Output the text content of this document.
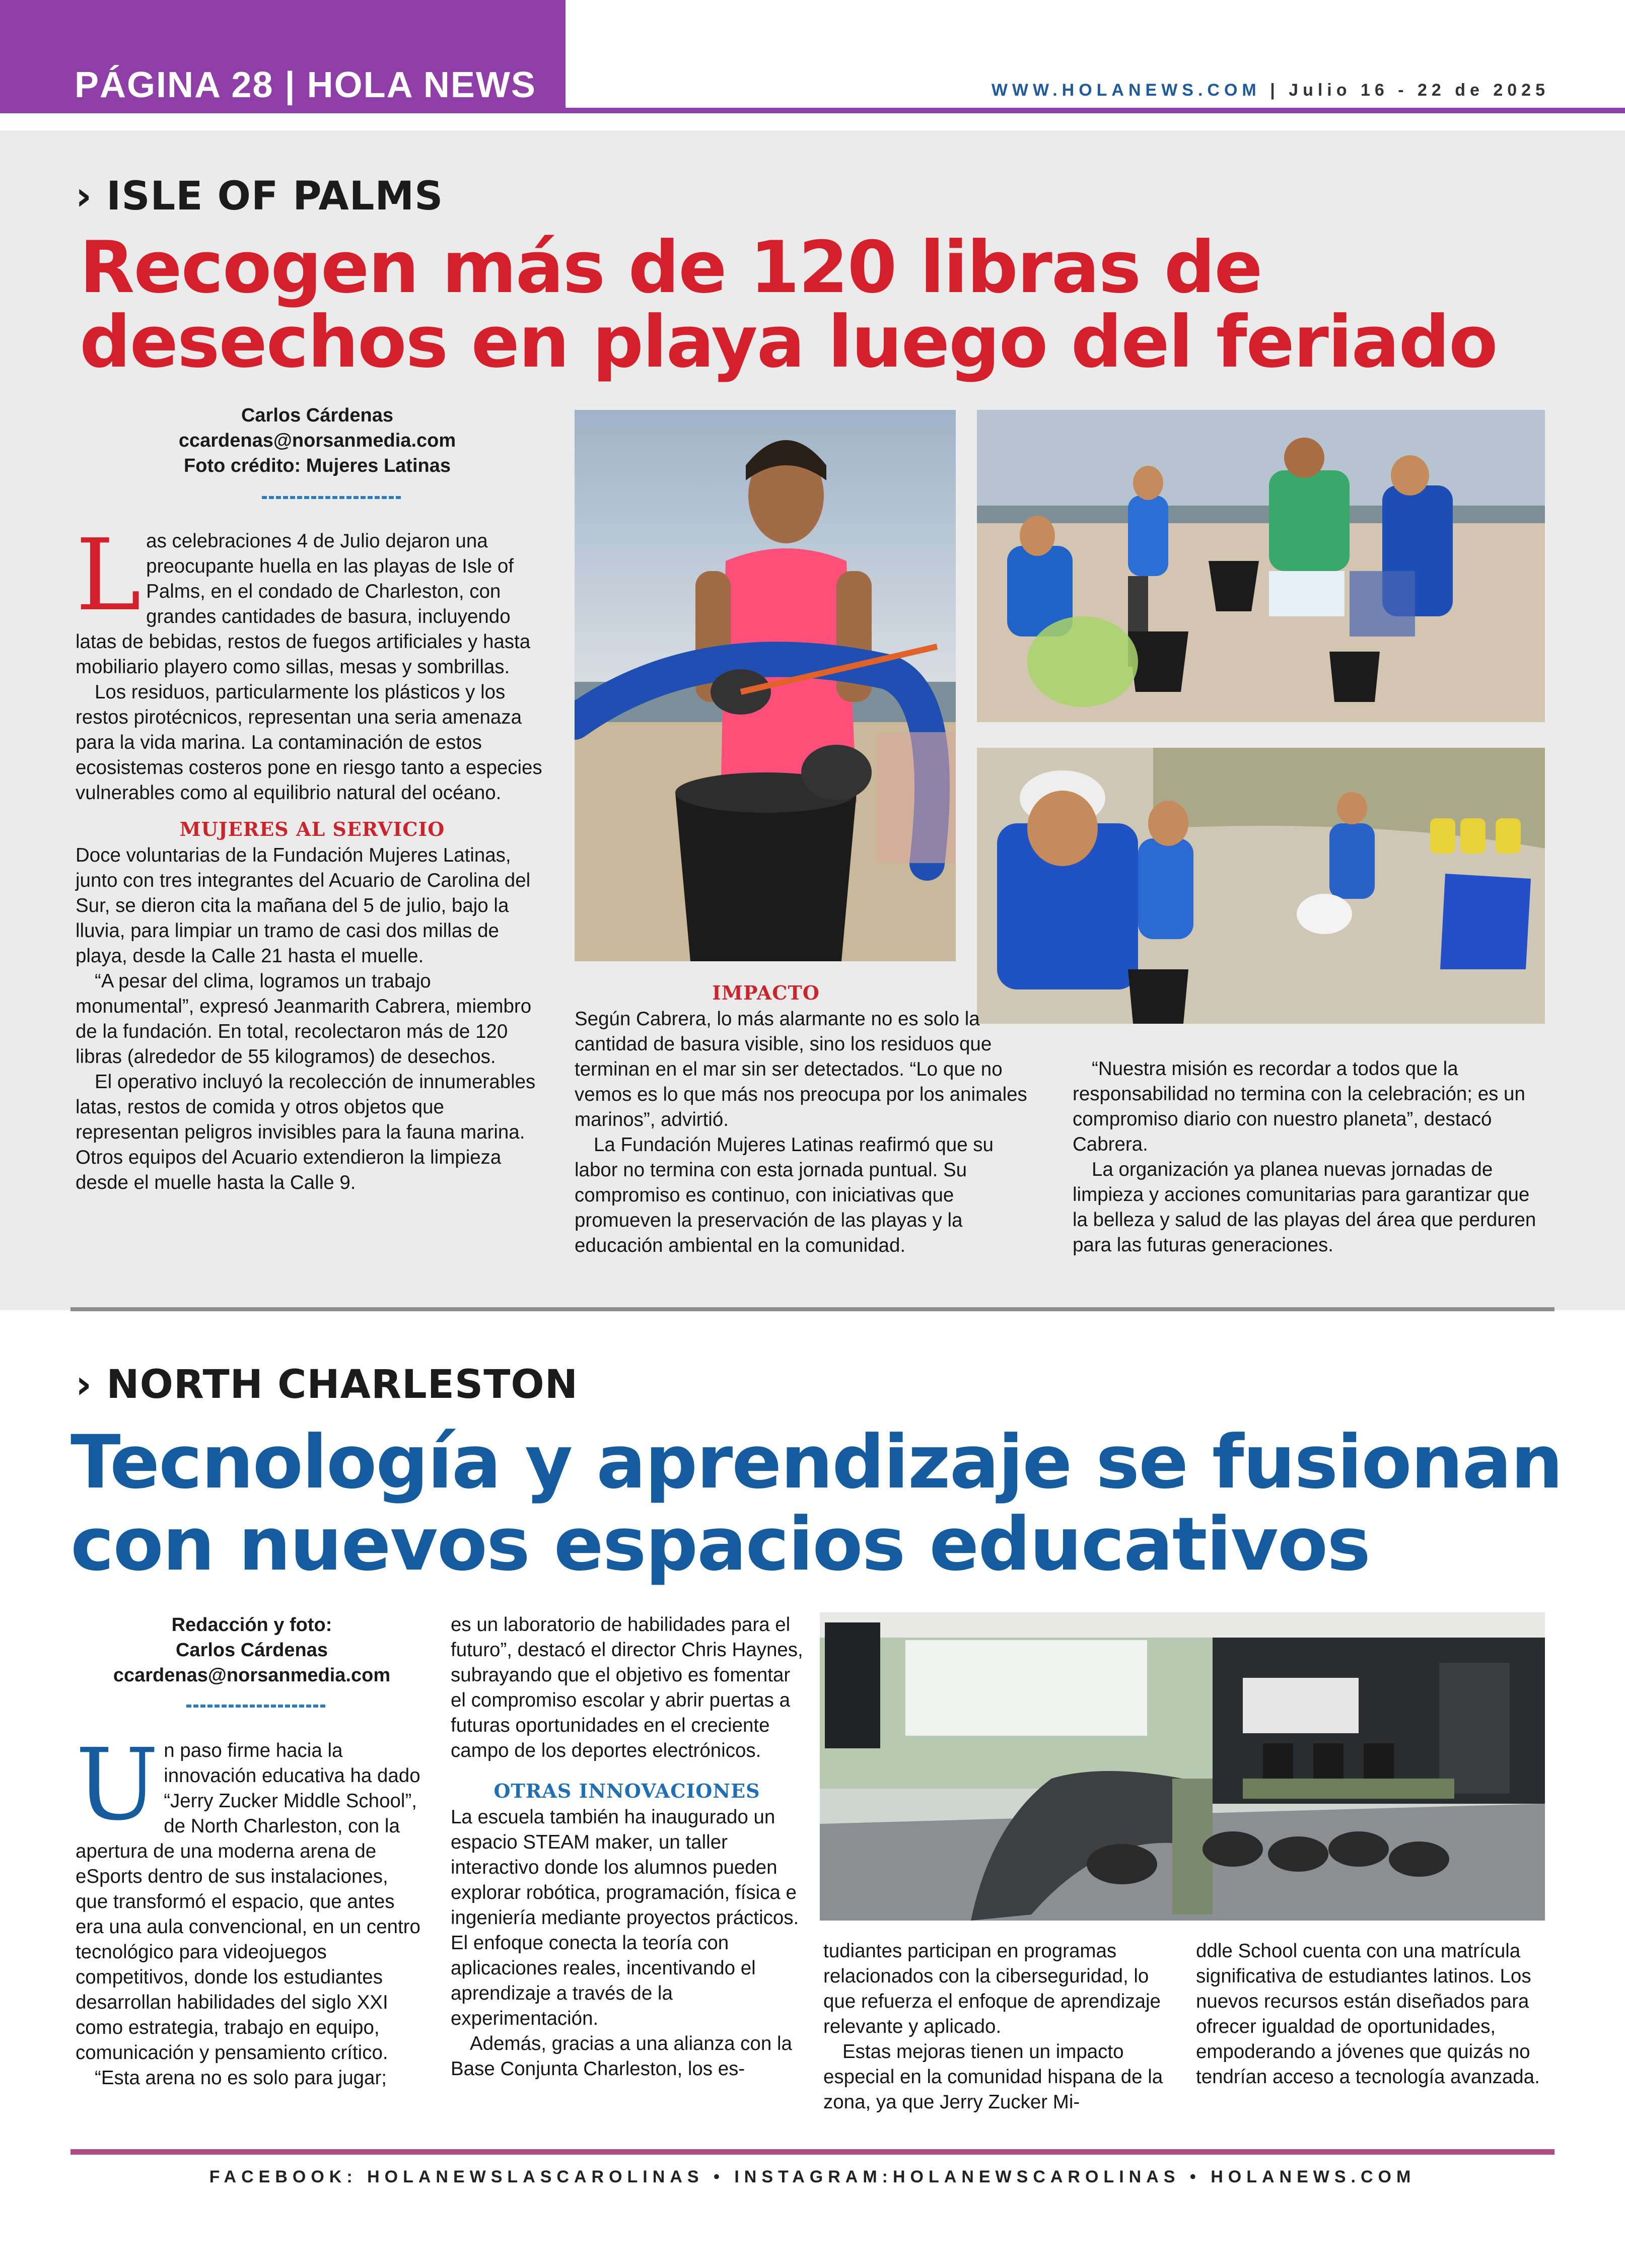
PÁGINA 28 | HOLA NEWS	WWW.HOLANEWS.COM | Julio 16 - 22 de 2025
› ISLE OF PALMS
Recogen más de 120 libras de
desechos en playa luego del feriado
Carlos Cárdenas
ccardenas@norsanmedia.com
Foto crédito: Mujeres Latinas

Las celebraciones 4 de Julio dejaron una preocupante huella en las playas de Isle of Palms, en el condado de Charleston, con grandes cantidades de basura, incluyendo latas de bebidas, restos de fuegos artificiales y hasta mobiliario playero como sillas, mesas y sombrillas.

Los residuos, particularmente los plásticos y los restos pirotécnicos, representan una seria amenaza para la vida marina. La contaminación de estos ecosistemas costeros pone en riesgo tanto a especies vulnerables como al equilibrio natural del océano.

MUJERES AL SERVICIO

Doce voluntarias de la Fundación Mujeres Latinas, junto con tres integrantes del Acuario de Carolina del Sur, se dieron cita la mañana del 5 de julio, bajo la lluvia, para limpiar un tramo de casi dos millas de playa, desde la Calle 21 hasta el muelle.

“A pesar del clima, logramos un trabajo monumental”, expresó Jeanmarith Cabrera, miembro de la fundación. En total, recolectaron más de 120 libras (alrededor de 55 kilogramos) de desechos.

El operativo incluyó la recolección de innumerables latas, restos de comida y otros objetos que representan peligros invisibles para la fauna marina. Otros equipos del Acuario extendieron la limpieza desde el muelle hasta la Calle 9.

IMPACTO

Según Cabrera, lo más alarmante no es solo la cantidad de basura visible, sino los residuos que terminan en el mar sin ser detectados. “Lo que no vemos es lo que más nos preocupa por los animales marinos”, advirtió.

La Fundación Mujeres Latinas reafirmó que su labor no termina con esta jornada puntual. Su compromiso es continuo, con iniciativas que promueven la preservación de las playas y la educación ambiental en la comunidad.

“Nuestra misión es recordar a todos que la responsabilidad no termina con la celebración; es un compromiso diario con nuestro planeta”, destacó Cabrera.

La organización ya planea nuevas jornadas de limpieza y acciones comunitarias para garantizar que la belleza y salud de las playas del área que perduren para las futuras generaciones.

› NORTH CHARLESTON
Tecnología y aprendizaje se fusionan
con nuevos espacios educativos
Redacción y foto:
Carlos Cárdenas
ccardenas@norsanmedia.com

Un paso firme hacia la innovación educativa ha dado “Jerry Zucker Middle School”, de North Charleston, con la apertura de una moderna arena de eSports dentro de sus instalaciones, que transformó el espacio, que antes era una aula convencional, en un centro tecnológico para videojuegos competitivos, donde los estudiantes desarrollan habilidades del siglo XXI como estrategia, trabajo en equipo, comunicación y pensamiento crítico.

“Esta arena no es solo para jugar;

es un laboratorio de habilidades para el futuro”, destacó el director Chris Haynes, subrayando que el objetivo es fomentar el compromiso escolar y abrir puertas a futuras oportunidades en el creciente campo de los deportes electrónicos.

OTRAS INNOVACIONES

La escuela también ha inaugurado un espacio STEAM maker, un taller interactivo donde los alumnos pueden explorar robótica, programación, física e ingeniería mediante proyectos prácticos. El enfoque conecta la teoría con aplicaciones reales, incentivando el aprendizaje a través de la experimentación.

Además, gracias a una alianza con la Base Conjunta Charleston, los es-

tudiantes participan en programas relacionados con la ciberseguridad, lo que refuerza el enfoque de aprendizaje relevante y aplicado.

Estas mejoras tienen un impacto especial en la comunidad hispana de la zona, ya que Jerry Zucker Mi-

ddle School cuenta con una matrícula significativa de estudiantes latinos. Los nuevos recursos están diseñados para ofrecer igualdad de oportunidades, empoderando a jóvenes que quizás no tendrían acceso a tecnología avanzada.

FACEBOOK: HOLANEWSLASCAROLINAS • INSTAGRAM:HOLANEWSCAROLINAS • HOLANEWS.COM
